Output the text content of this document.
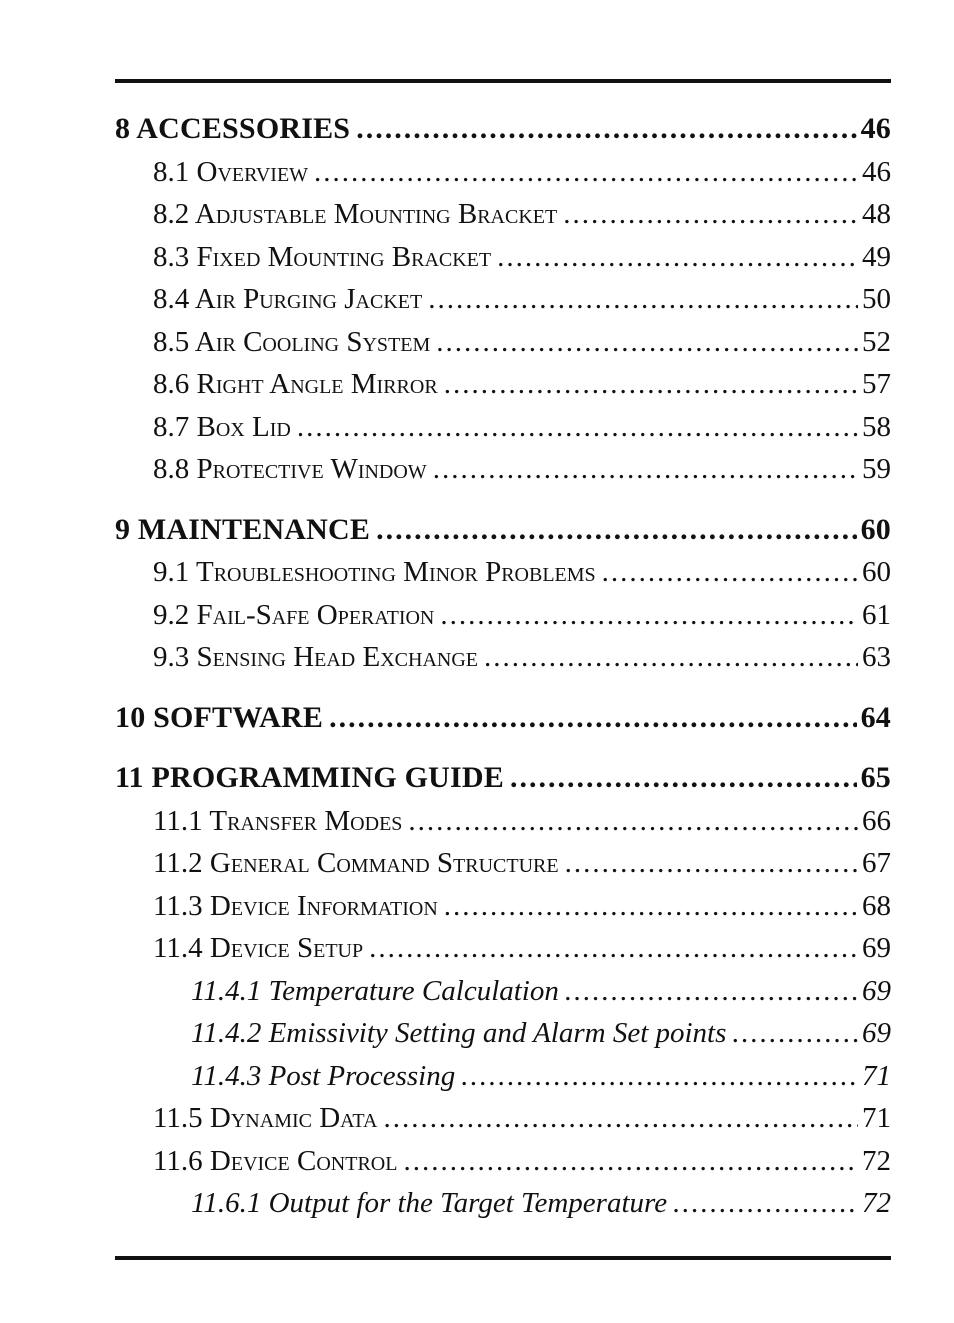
8 ACCESSORIES .....	46
8.1 Overview .....	46
8.2 Adjustable Mounting Bracket .....	48
8.3 Fixed Mounting Bracket .....	49
8.4 Air Purging Jacket .....	50
8.5 Air Cooling System .....	52
8.6 Right Angle Mirror .....	57
8.7 Box Lid .....	58
8.8 Protective Window .....	59
9 MAINTENANCE .....	60
9.1 Troubleshooting Minor Problems .....	60
9.2 Fail-Safe Operation .....	61
9.3 Sensing Head Exchange .....	63
10 SOFTWARE .....	64
11 PROGRAMMING GUIDE .....	65
11.1 Transfer Modes .....	66
11.2 General Command Structure .....	67
11.3 Device Information .....	68
11.4 Device Setup .....	69
11.4.1 Temperature Calculation .....	69
11.4.2 Emissivity Setting and Alarm Set points .....	69
11.4.3 Post Processing .....	71
11.5 Dynamic Data .....	71
11.6 Device Control .....	72
11.6.1 Output for the Target Temperature .....	72
